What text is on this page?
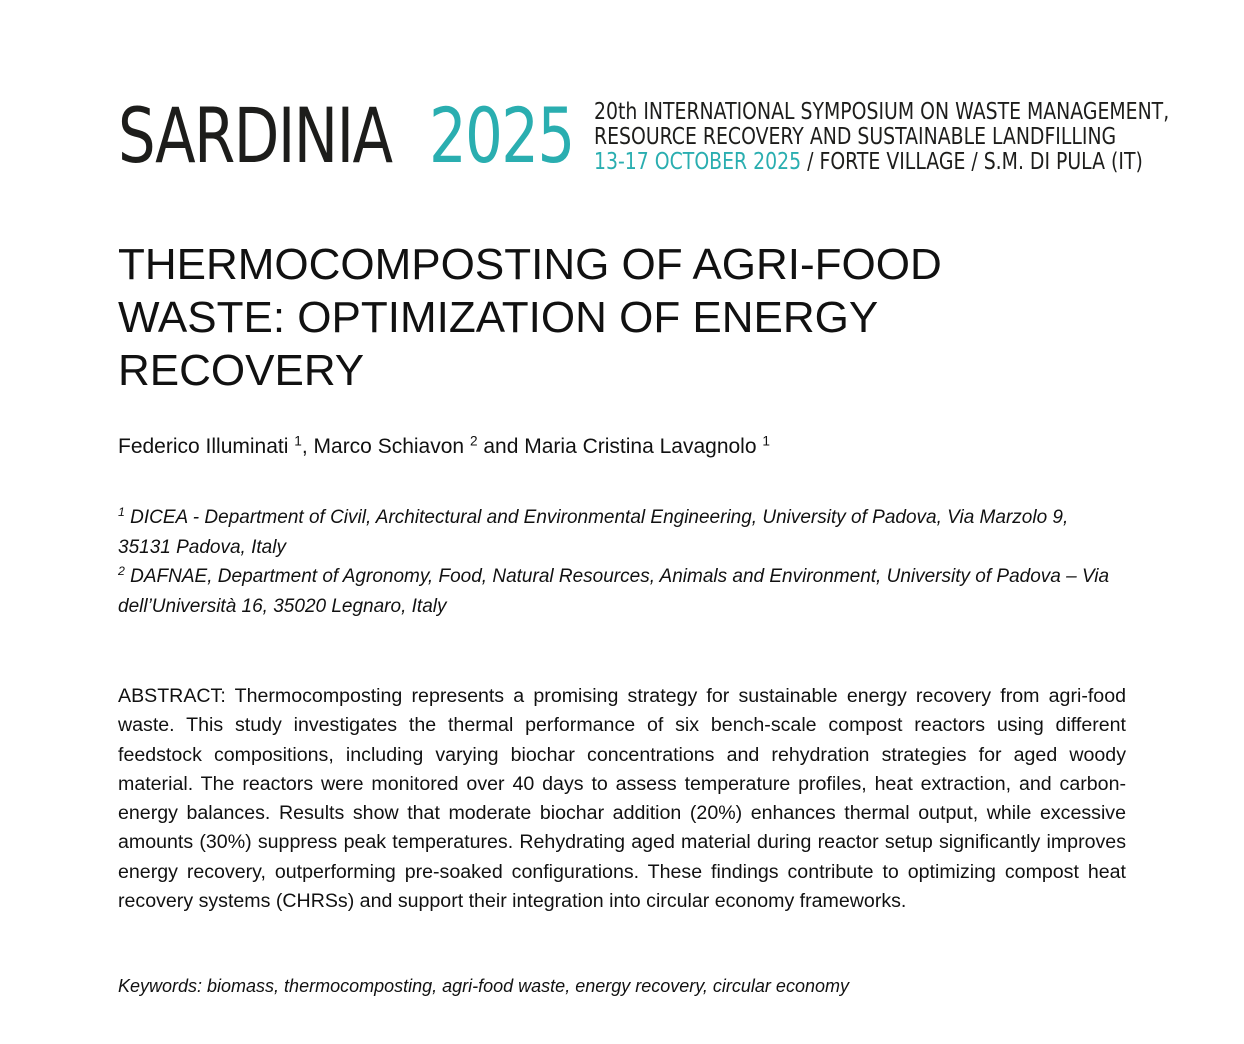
SARDINIA 2025 20th INTERNATIONAL SYMPOSIUM ON WASTE MANAGEMENT,
RESOURCE RECOVERY AND SUSTAINABLE LANDFILLING
13-17 OCTOBER 2025 / FORTE VILLAGE / S.M. DI PULA (IT)
THERMOCOMPOSTING OF AGRI-FOOD WASTE: OPTIMIZATION OF ENERGY RECOVERY
Federico Illuminati $^1$, Marco Schiavon $^2$ and Maria Cristina Lavagnolo $^1$

$^1$ DICEA - Department of Civil, Architectural and Environmental Engineering, University of Padova, Via Marzolo 9, 35131 Padova, Italy

$^2$ DAFNAE, Department of Agronomy, Food, Natural Resources, Animals and Environment, University of Padova – Via dell’Università 16, 35020 Legnaro, Italy

ABSTRACT: Thermocomposting represents a promising strategy for sustainable energy recovery from agri-food waste. This study investigates the thermal performance of six bench-scale compost reactors using different feedstock compositions, including varying biochar concentrations and rehydration strategies for aged woody material. The reactors were monitored over 40 days to assess temperature profiles, heat extraction, and carbon-energy balances. Results show that moderate biochar addition (20%) enhances thermal output, while excessive amounts (30%) suppress peak temperatures. Rehydrating aged material during reactor setup significantly improves energy recovery, outperforming pre-soaked configurations. These findings contribute to optimizing compost heat recovery systems (CHRSs) and support their integration into circular economy frameworks.

Keywords: biomass, thermocomposting, agri-food waste, energy recovery, circular economy
